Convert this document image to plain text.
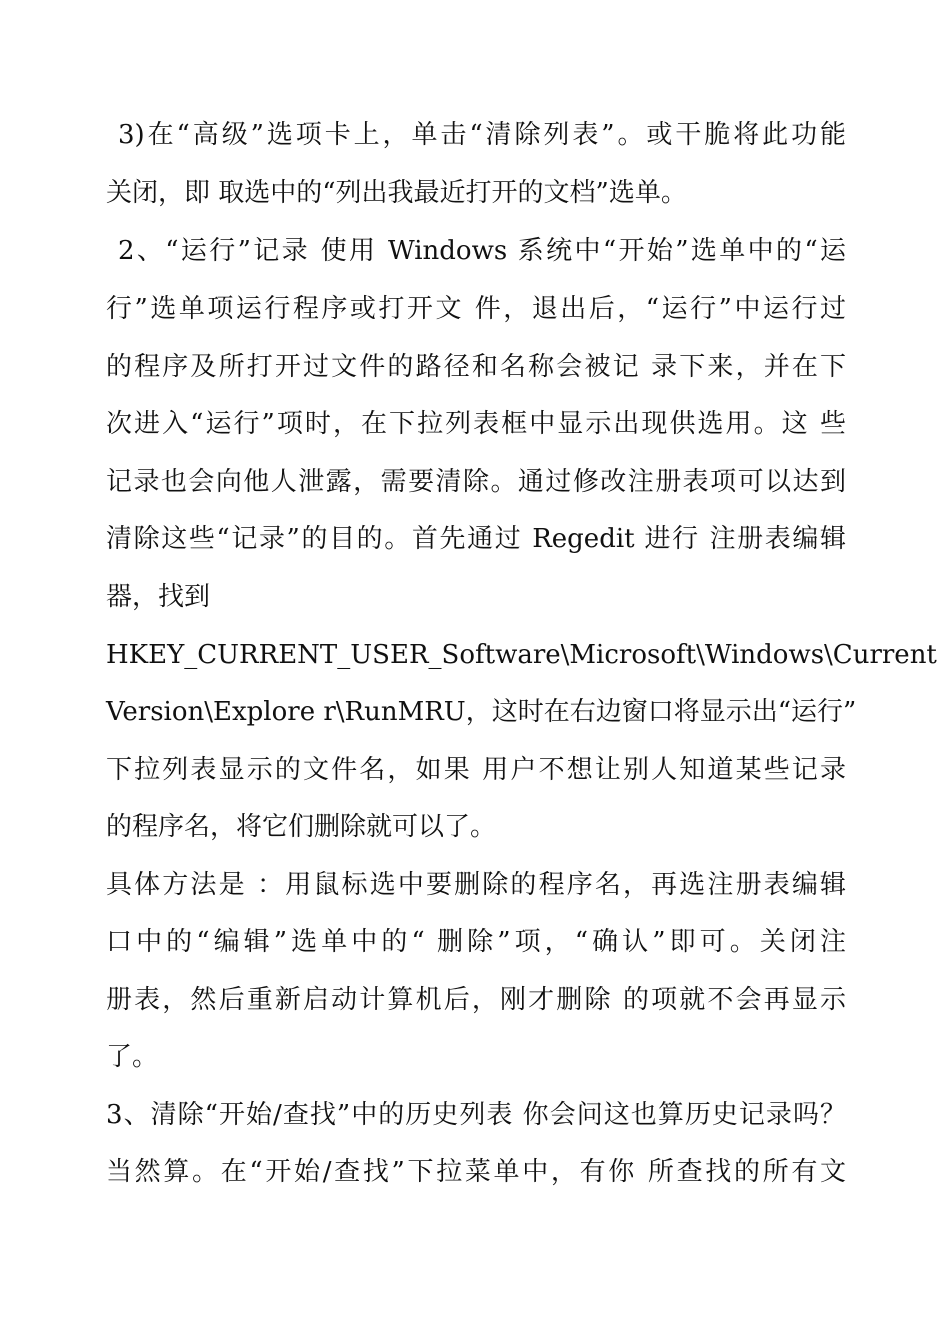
3)在“高级”选项卡上，单击“清除列表”。或干脆将此功能
关闭，即 取选中的“列出我最近打开的文档”选单。
2、“运行”记录 使用 Windows 系统中“开始”选单中的“运
行”选单项运行程序或打开文 件，退出后，“运行”中运行过
的程序及所打开过文件的路径和名称会被记 录下来，并在下
次进入“运行”项时，在下拉列表框中显示出现供选用。这 些
记录也会向他人泄露，需要清除。通过修改注册表项可以达到
清除这些“记录”的目的。首先通过 Regedit 进行 注册表编辑
器，找到
HKEY_CURRENT_USER_Software\Microsoft\Windows\Current
Version\Explore r\RunMRU，这时在右边窗口将显示出“运行”
下拉列表显示的文件名，如果 用户不想让别人知道某些记录
的程序名，将它们删除就可以了。
具体方法是 ：用鼠标选中要删除的程序名，再选注册表编辑
口中的“编辑”选单中的“ 删除”项，“确认”即可。关闭注
册表，然后重新启动计算机后，刚才删除 的项就不会再显示
了。
3、清除“开始/查找”中的历史列表 你会问这也算历史记录吗？
当然算。在“开始/查找”下拉菜单中，有你 所查找的所有文
